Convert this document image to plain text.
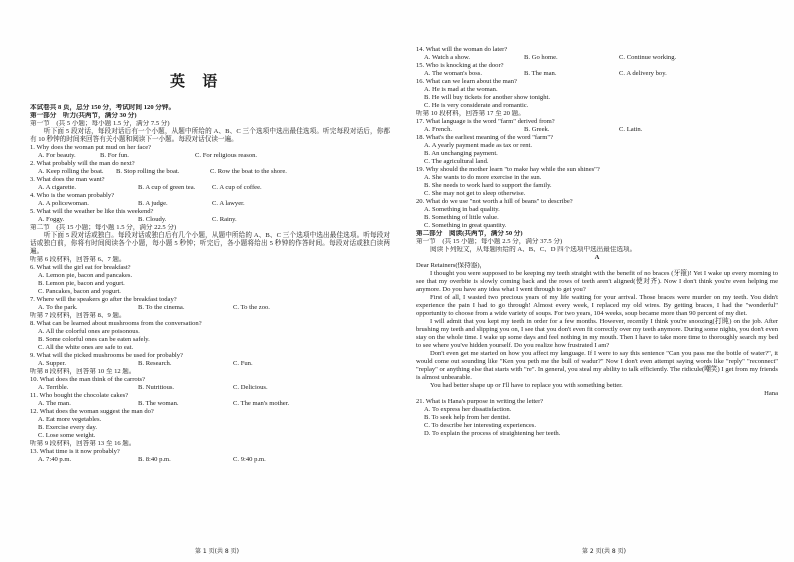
英 语
本试卷共 8 页，总分 150 分，考试时间 120 分钟。
第一部分　听力(共两节，满分 30 分)
第一节　(共 5 小题；每小题 1.5 分，满分 7.5 分)
听下面 5 段对话，每段对话后有一个小题，从题中所给的 A、B、C 三个选项中选出最佳选项。听完每段对话后，你都有 10 秒钟的时间来回答有关小题和阅读下一小题。每段对话仅读一遍。
1. Why does the woman put mud on her face?
A. For beauty.	B. For fun.	C. For religious reason.
2. What probably will the man do next?
A. Keep rolling the boat. B. Stop rolling the boat.	C. Row the boat to the shore.
3. What does the man want?
A. A cigarette.	B. A cup of green tea.	C. A cup of coffee.
4. Who is the woman probably?
A. A policewoman.	B. A judge.	C. A lawyer.
5. What will the weather be like this weekend?
A. Foggy.	B. Cloudy.	C. Rainy.
第二节　(共 15 小题；每小题 1.5 分，满分 22.5 分)
听下面 5 段对话或独白。每段对话或独白后有几个小题，从题中所给的 A、B、C 三个选项中选出最佳选项。听每段对话或独白前，你将有时间阅读各个小题，每小题 5 秒钟；听完后，各小题将给出 5 秒钟的作答时间。每段对话或独白读两遍。
听第 6 段材料，回答第 6、7 题。
6. What will the girl eat for breakfast?
A. Lemon pie, bacon and pancakes.
B. Lemon pie, bacon and yogurt.
C. Pancakes, bacon and yogurt.
7. Where will the speakers go after the breakfast today?
A. To the park.	B. To the cinema.	C. To the zoo.
听第 7 段材料，回答第 8、9 题。
8. What can be learned about mushrooms from the conversation?
A. All the colorful ones are poisonous.
B. Some colorful ones can be eaten safely.
C. All the white ones are safe to eat.
9. What will the picked mushrooms be used for probably?
A. Supper.	B. Research.	C. Fun.
听第 8 段材料，回答第 10 至 12 题。
10. What does the man think of the carrots?
A. Terrible.	B. Nutritious.	C. Delicious.
11. Who bought the chocolate cakes?
A. The man.	B. The woman.	C. The man's mother.
12. What does the woman suggest the man do?
A. Eat more vegetables.
B. Exercise every day.
C. Lose some weight.
听第 9 段材料，回答第 13 至 16 题。
13. What time is it now probably?
A. 7:40 p.m.	B. 8:40 p.m.	C. 9:40 p.m.
14. What will the woman do later?
A. Watch a show.	B. Go home.	C. Continue working.
15. Who is knocking at the door?
A. The woman's boss.	B. The man.	C. A delivery boy.
16. What can we learn about the man?
A. He is mad at the woman.
B. He will buy tickets for another show tonight.
C. He is very considerate and romantic.
听第 10 段材料，回答第 17 至 20 题。
17. What language is the word "farm" derived from?
A. French.	B. Greek.	C. Latin.
18. What's the earliest meaning of the word "farm"?
A. A yearly payment made as tax or rent.
B. An unchanging payment.
C. The agricultural land.
19. Why should the mother learn "to make hay while the sun shines"?
A. She wants to do more exercise in the sun.
B. She needs to work hard to support the family.
C. She may not get to sleep otherwise.
20. What do we use "not worth a hill of beans" to describe?
A. Something in bad quality.
B. Something of little value.
C. Something in great quantity.
第二部分　阅读(共两节，满分 50 分)
第一节　(共 15 小题；每小题 2.5 分，满分 37.5 分)
阅读下列短文，从每题所给的 A、B、C、D 四个选项中选出最佳选项。
A
Dear Retainers(保持器)，
I thought you were supposed to be keeping my teeth straight with the benefit of no braces (牙箍)! Yet I wake up every morning to see that my overbite is slowly coming back and the rows of teeth aren't aligned(使对齐). Now I don't think you're even helping me anymore. Do you have any idea what I went through to get you?
First of all, I wasted two precious years of my life waiting for your arrival. Those braces were murder on my teeth. You didn't experience the pain I had to go through! Almost every week, I replaced my old wires. By getting braces, I had the "wonderful" opportunity to choose from a wide variety of soups. For two years, 104 weeks, soup became more than 90 percent of my diet.
I will admit that you kept my teeth in order for a few months. However, recently I think you're snoozing(打盹) on the job. After brushing my teeth and slipping you on, I see that you don't even fit correctly over my teeth anymore. During some nights, you don't even stay on the whole time. I wake up some days and feel nothing in my mouth. Then I have to take more time to thoroughly search my bed to see where you've hidden yourself. Do you realize how frustrated I am?
Don't even get me started on how you affect my language. If I were to say this sentence "Can you pass me the bottle of water?", it would come out sounding like "Ken you peth me the bull of wadur?" Now I don't even attempt saying words like "reply" "reconnect" "replay" or anything else that starts with "re". In general, you steal my ability to talk efficiently. The ridicule(嘲笑) I get from my friends is almost unbearable.
You had better shape up or I'll have to replace you with something better.
Hana
21. What is Hana's purpose in writing the letter?
A. To express her dissatisfaction.
B. To seek help from her dentist.
C. To describe her interesting experiences.
D. To explain the process of straightening her teeth.
第 1 页(共 8 页)	第 2 页(共 8 页)
